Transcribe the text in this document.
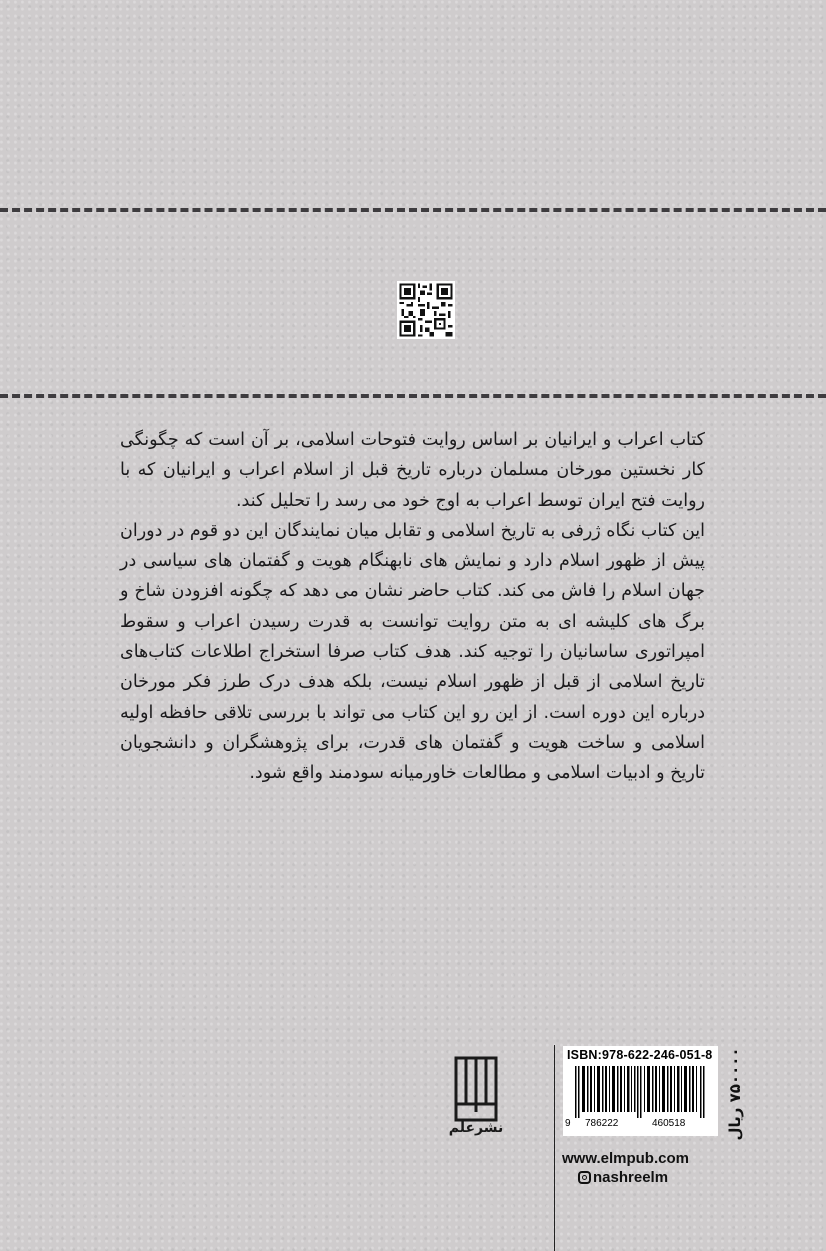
کتاب اعراب و ایرانیان بر اساس روایت فتوحات اسلامی، بر آن است که چگونگی کار نخستین مورخان مسلمان درباره تاریخ قبل از اسلام اعراب و ایرانیان که با روایت فتح ایران توسط اعراب به اوج خود می رسد را تحلیل کند.

این کتاب نگاه ژرفی به تاریخ اسلامی و تقابل میان نمایندگان این دو قوم در دوران پیش از ظهور اسلام دارد و نمایش های نابهنگام هویت و گفتمان های سیاسی در جهان اسلام را فاش می کند. کتاب حاضر نشان می دهد که چگونه افزودن شاخ و برگ های کلیشه ای به متن روایت توانست به قدرت رسیدن اعراب و سقوط امپراتوری ساسانیان را توجیه کند. هدف کتاب صرفا استخراج اطلاعات کتاب‌های تاریخ اسلامی از قبل از ظهور اسلام نیست، بلکه هدف درک طرز فکر مورخان درباره این دوره است. از این رو این کتاب می تواند با بررسی تلاقی حافظه اولیه اسلامی و ساخت هویت و گفتمان های قدرت، برای پژوهشگران و دانشجویان تاریخ و ادبیات اسلامی و مطالعات خاورمیانه سودمند واقع شود.

نشرعلم
ISBN:978-622-246-051-8
9 786222	460518	۷۵۰۰۰۰ ریال
www.elmpub.com
nashreelm
